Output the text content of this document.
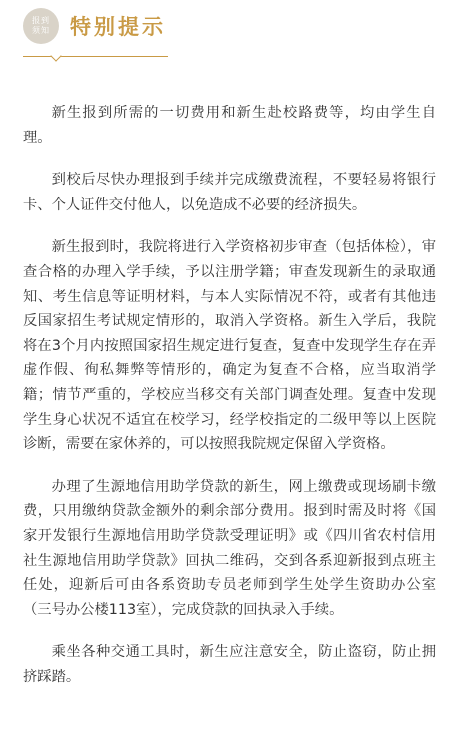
报到
须知 特别提示

新生报到所需的一切费用和新生赴校路费等，均由学生自理。

到校后尽快办理报到手续并完成缴费流程，不要轻易将银行卡、个人证件交付他人，以免造成不必要的经济损失。

新生报到时，我院将进行入学资格初步审查（包括体检），审查合格的办理入学手续，予以注册学籍；审查发现新生的录取通知、考生信息等证明材料，与本人实际情况不符，或者有其他违反国家招生考试规定情形的，取消入学资格。新生入学后，我院将在3个月内按照国家招生规定进行复查，复查中发现学生存在弄虚作假、徇私舞弊等情形的，确定为复查不合格，应当取消学籍；情节严重的，学校应当移交有关部门调查处理。复查中发现学生身心状况不适宜在校学习，经学校指定的二级甲等以上医院诊断，需要在家休养的，可以按照我院规定保留入学资格。

办理了生源地信用助学贷款的新生，网上缴费或现场刷卡缴费，只用缴纳贷款金额外的剩余部分费用。报到时需及时将《国家开发银行生源地信用助学贷款受理证明》或《四川省农村信用社生源地信用助学贷款》回执二维码，交到各系迎新报到点班主任处，迎新后可由各系资助专员老师到学生处学生资助办公室（三号办公楼113室），完成贷款的回执录入手续。

乘坐各种交通工具时，新生应注意安全，防止盗窃，防止拥挤踩踏。
